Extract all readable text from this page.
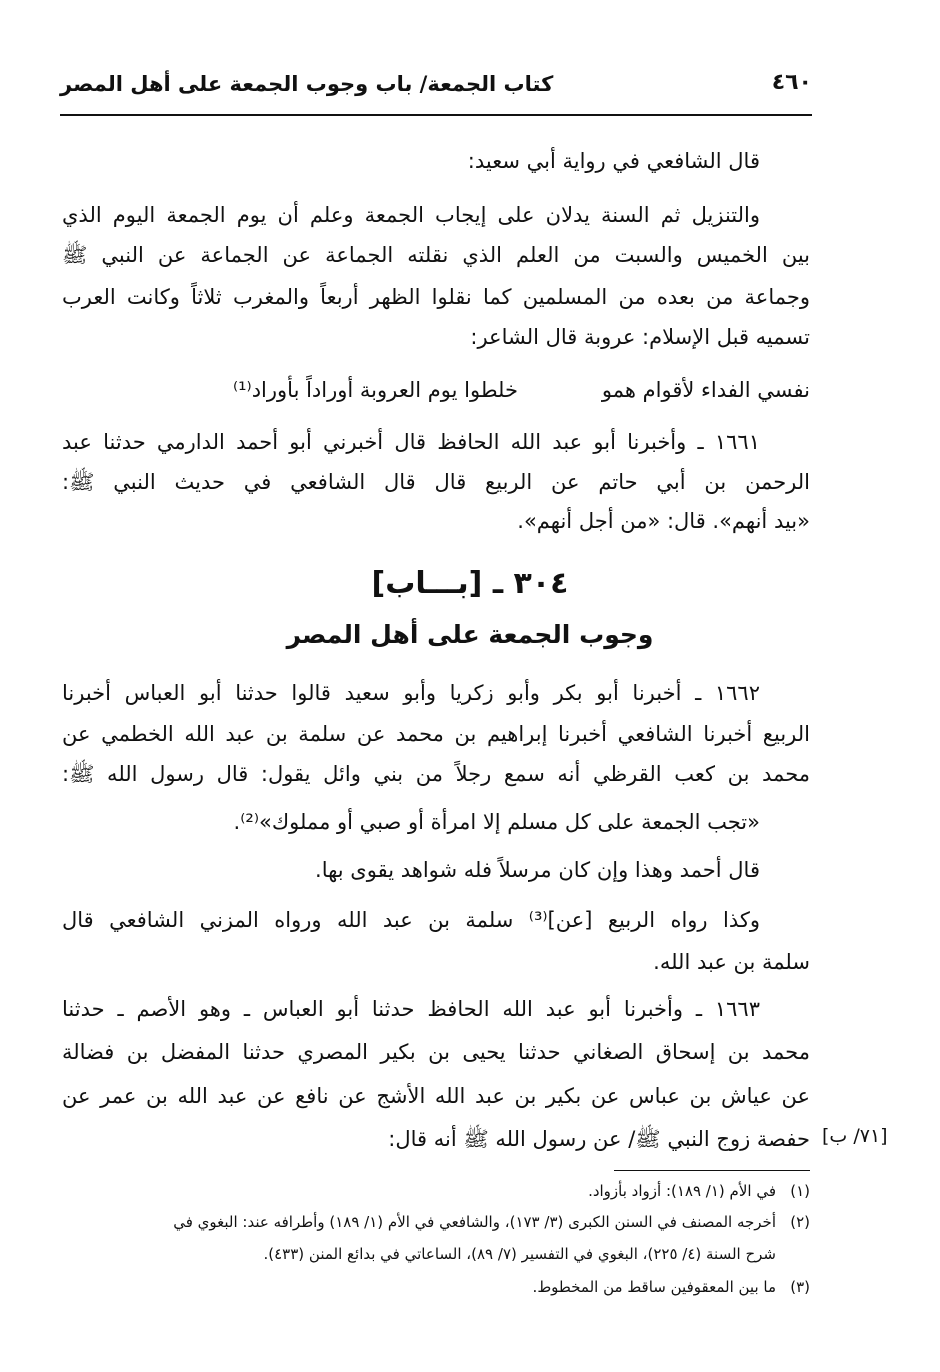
٤٦٠
كتاب الجمعة/ باب وجوب الجمعة على أهل المصر
قال الشافعي في رواية أبي سعيد:
والتنزيل ثم السنة يدلان على إيجاب الجمعة وعلم أن يوم الجمعة اليوم الذي
بين الخميس والسبت من العلم الذي نقلته الجماعة عن الجماعة عن النبي ﷺ
وجماعة من بعده من المسلمين كما نقلوا الظهر أربعاً والمغرب ثلاثاً وكانت العرب
تسميه قبل الإسلام: عروبة قال الشاعر:
نفسي الفداء لأقوام همو
خلطوا يوم العروبة أوراداً بأوراد⁽¹⁾
١٦٦١ ـ وأخبرنا أبو عبد الله الحافظ قال أخبرني أبو أحمد الدارمي حدثنا عبد
الرحمن بن أبي حاتم عن الربيع قال قال الشافعي في حديث النبي ﷺ:
«بيد أنهم». قال: «من أجل أنهم».
٣٠٤ ـ [بـــاب]
وجوب الجمعة على أهل المصر
١٦٦٢ ـ أخبرنا أبو بكر وأبو زكريا وأبو سعيد قالوا حدثنا أبو العباس أخبرنا
الربيع أخبرنا الشافعي أخبرنا إبراهيم بن محمد عن سلمة بن عبد الله الخطمي عن
محمد بن كعب القرظي أنه سمع رجلاً من بني وائل يقول: قال رسول الله ﷺ:
«تجب الجمعة على كل مسلم إلا امرأة أو صبي أو مملوك»⁽²⁾.
قال أحمد وهذا وإن كان مرسلاً فله شواهد يقوى بها.
وكذا رواه الربيع [عن]⁽³⁾ سلمة بن عبد الله ورواه المزني الشافعي قال
سلمة بن عبد الله.
١٦٦٣ ـ وأخبرنا أبو عبد الله الحافظ حدثنا أبو العباس ـ وهو الأصم ـ حدثنا
محمد بن إسحاق الصغاني حدثنا يحيى بن بكير المصري حدثنا المفضل بن فضالة
عن عياش بن عباس عن بكير بن عبد الله الأشج عن نافع عن عبد الله بن عمر عن
حفصة زوج النبي ﷺ/ عن رسول الله ﷺ أنه قال: [٧١/ ب]
(١)في الأم (١/ ١٨٩): أزواد بأزواد.
(٢)أخرجه المصنف في السنن الكبرى (٣/ ١٧٣)، والشافعي في الأم (١/ ١٨٩) وأطرافه عند: البغوي في
شرح السنة (٤/ ٢٢٥)، البغوي في التفسير (٧/ ٨٩)، الساعاتي في بدائع المنن (٤٣٣).
(٣)ما بين المعقوفين ساقط من المخطوط.
